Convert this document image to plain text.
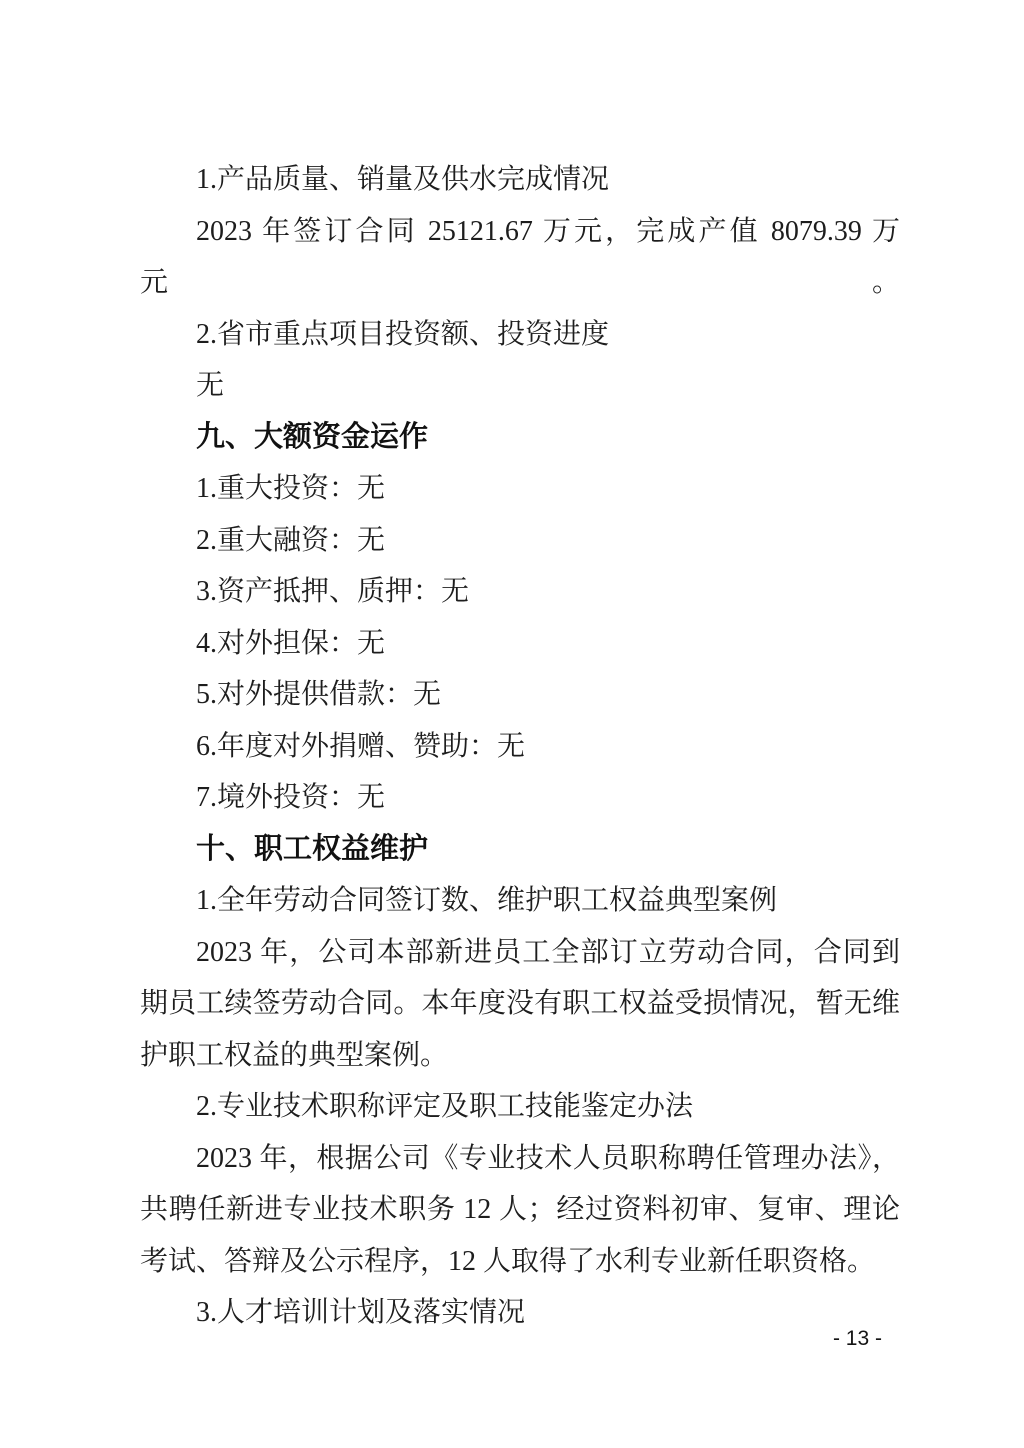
1.产品质量、销量及供水完成情况

2023 年签订合同 25121.67 万元，完成产值 8079.39 万元。

2.省市重点项目投资额、投资进度

无

九、大额资金运作

1.重大投资：无

2.重大融资：无

3.资产抵押、质押：无

4.对外担保：无

5.对外提供借款：无

6.年度对外捐赠、赞助：无

7.境外投资：无

十、职工权益维护

1.全年劳动合同签订数、维护职工权益典型案例

2023 年，公司本部新进员工全部订立劳动合同，合同到

期员工续签劳动合同。本年度没有职工权益受损情况，暂无维

护职工权益的典型案例。

2.专业技术职称评定及职工技能鉴定办法

2023 年，根据公司《专业技术人员职称聘任管理办法》，

共聘任新进专业技术职务 12 人；经过资料初审、复审、理论

考试、答辩及公示程序，12 人取得了水利专业新任职资格。

3.人才培训计划及落实情况

- 13 -
